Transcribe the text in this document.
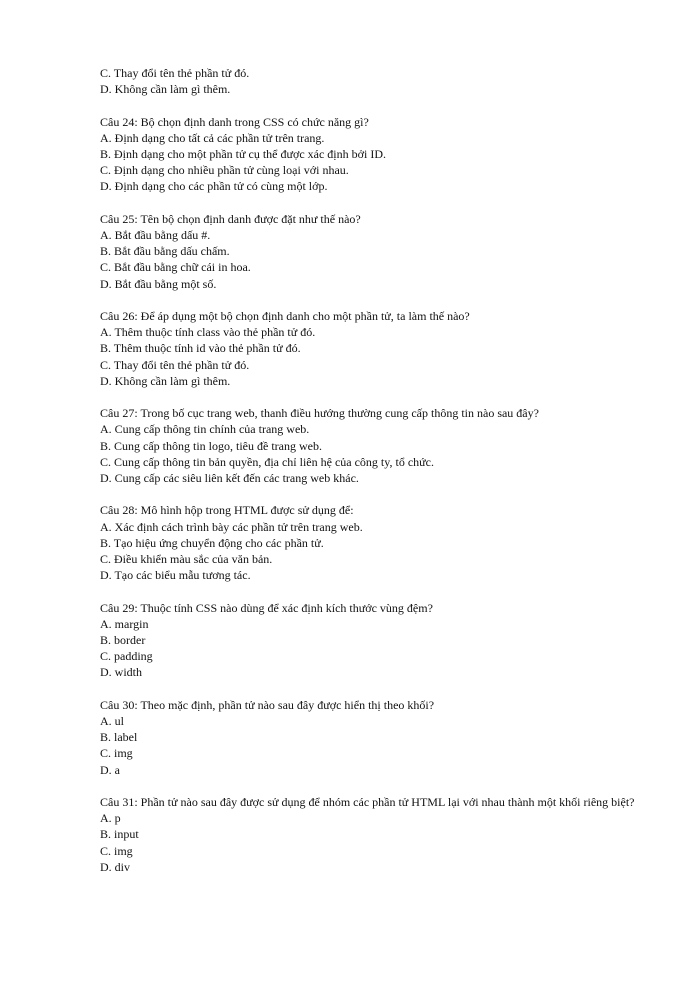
C. Thay đổi tên thẻ phần tử đó.

D. Không cần làm gì thêm.

Câu 24: Bộ chọn định danh trong CSS có chức năng gì?

A. Định dạng cho tất cả các phần tử trên trang.

B. Định dạng cho một phần tử cụ thể được xác định bởi ID.

C. Định dạng cho nhiều phần tử cùng loại với nhau.

D. Định dạng cho các phần tử có cùng một lớp.

Câu 25: Tên bộ chọn định danh được đặt như thế nào?

A. Bắt đầu bằng dấu #.

B. Bắt đầu bằng dấu chấm.

C. Bắt đầu bằng chữ cái in hoa.

D. Bắt đầu bằng một số.

Câu 26: Để áp dụng một bộ chọn định danh cho một phần tử, ta làm thế nào?

A. Thêm thuộc tính class vào thẻ phần tử đó.

B. Thêm thuộc tính id vào thẻ phần tử đó.

C. Thay đổi tên thẻ phần tử đó.

D. Không cần làm gì thêm.

Câu 27: Trong bố cục trang web, thanh điều hướng thường cung cấp thông tin nào sau đây?

A. Cung cấp thông tin chính của trang web.

B. Cung cấp thông tin logo, tiêu đề trang web.

C. Cung cấp thông tin bản quyền, địa chỉ liên hệ của công ty, tổ chức.

D. Cung cấp các siêu liên kết đến các trang web khác.

Câu 28: Mô hình hộp trong HTML được sử dụng để:

A. Xác định cách trình bày các phần tử trên trang web.

B. Tạo hiệu ứng chuyển động cho các phần tử.

C. Điều khiển màu sắc của văn bản.

D. Tạo các biểu mẫu tương tác.

Câu 29: Thuộc tính CSS nào dùng để xác định kích thước vùng đệm?

A. margin

B. border

C. padding

D. width

Câu 30: Theo mặc định, phần tử nào sau đây được hiển thị theo khối?

A. ul

B. label

C. img

D. a

Câu 31: Phần tử nào sau đây được sử dụng để nhóm các phần tử HTML lại với nhau thành một khối riêng biệt?

A. p

B. input

C. img

D. div
